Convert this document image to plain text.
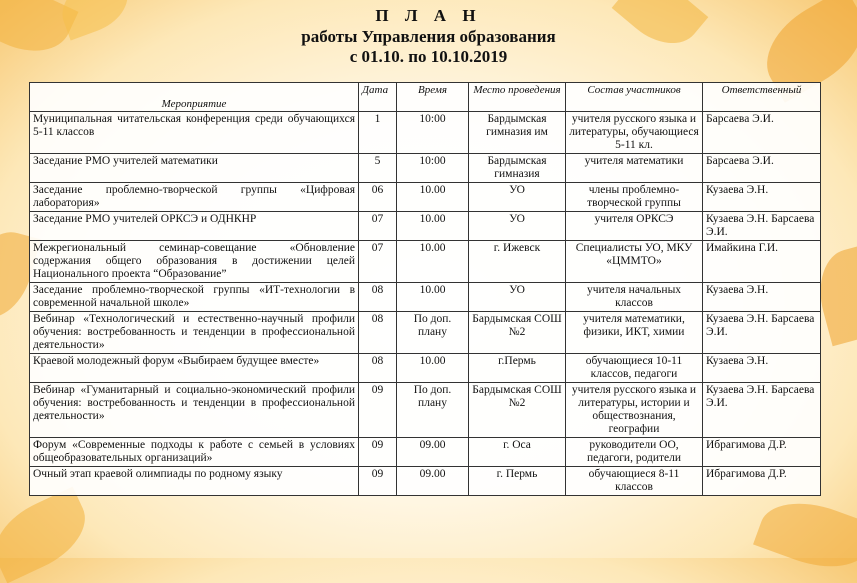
П Л А Н
работы Управления образования
с 01.10. по 10.10.2019
Мероприятие	Дата	Время	Место проведения	Состав участников	Ответственный
Муниципальная читательская конференция среди обучающихся 5-11 классов	1	10:00	Бардымская гимназия им	учителя русского языка и литературы, обучающиеся 5-11 кл.	Барсаева Э.И.
Заседание РМО учителей математики	5	10:00	Бардымская гимназия	учителя математики	Барсаева Э.И.
Заседание проблемно-творческой группы «Цифровая лаборатория»	06	10.00	УО	члены проблемно-творческой группы	Кузаева Э.Н.
Заседание РМО учителей ОРКСЭ и ОДНКНР	07	10.00	УО	учителя ОРКСЭ	Кузаева Э.Н. Барсаева Э.И.
Межрегиональный семинар-совещание «Обновление содержания общего образования в достижении целей Национального проекта “Образование”	07	10.00	г. Ижевск	Специалисты УО, МКУ «ЦММТО»	Имайкина Г.И.
Заседание проблемно-творческой группы «ИТ-технологии в современной начальной школе»	08	10.00	УО	учителя начальных классов	Кузаева Э.Н.
Вебинар «Технологический и естественно-научный профили обучения: востребованность и тенденции в профессиональной деятельности»	08	По доп. плану	Бардымская СОШ №2	учителя математики, физики, ИКТ, химии	Кузаева Э.Н. Барсаева Э.И.
Краевой молодежный форум «Выбираем будущее вместе»	08	10.00	г.Пермь	обучающиеся 10-11 классов, педагоги	Кузаева Э.Н.
Вебинар «Гуманитарный и социально-экономический профили обучения: востребованность и тенденции в профессиональной деятельности»	09	По доп. плану	Бардымская СОШ №2	учителя русского языка и литературы, истории и обществознания, географии	Кузаева Э.Н. Барсаева Э.И.
Форум «Современные подходы к работе с семьей в условиях общеобразовательных организаций»	09	09.00	г. Оса	руководители ОО, педагоги, родители	Ибрагимова Д.Р.
Очный этап краевой олимпиады по родному языку	09	09.00	г. Пермь	обучающиеся 8-11 классов	Ибрагимова Д.Р.
